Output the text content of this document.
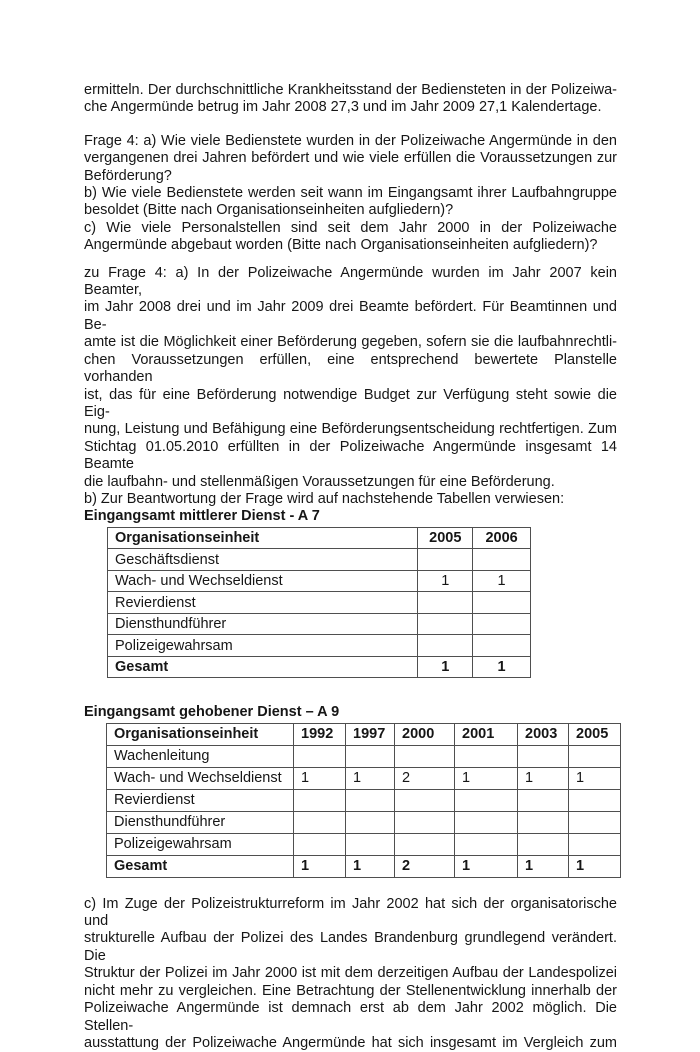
ermitteln. Der durchschnittliche Krankheitsstand der Bediensteten in der Polizeiwa-
che Angermünde betrug im Jahr 2008 27,3 und im Jahr 2009 27,1 Kalendertage.
Frage 4: a) Wie viele Bedienstete wurden in der Polizeiwache Angermünde in den
vergangenen drei Jahren befördert und wie viele erfüllen die Voraussetzungen zur
Beförderung?
b) Wie viele Bedienstete werden seit wann im Eingangsamt ihrer Laufbahngruppe
besoldet (Bitte nach Organisationseinheiten aufgliedern)?
c) Wie viele Personalstellen sind seit dem Jahr 2000 in der Polizeiwache
Angermünde abgebaut worden (Bitte nach Organisationseinheiten aufgliedern)?
zu Frage 4: a) In der Polizeiwache Angermünde wurden im Jahr 2007 kein Beamter,
im Jahr 2008 drei und im Jahr 2009 drei Beamte befördert. Für Beamtinnen und Be-
amte ist die Möglichkeit einer Beförderung gegeben, sofern sie die laufbahnrechtli-
chen Voraussetzungen erfüllen, eine entsprechend bewertete Planstelle vorhanden
ist, das für eine Beförderung notwendige Budget zur Verfügung steht sowie die Eig-
nung, Leistung und Befähigung eine Beförderungsentscheidung rechtfertigen. Zum
Stichtag 01.05.2010 erfüllten in der Polizeiwache Angermünde insgesamt 14 Beamte
die laufbahn- und stellenmäßigen Voraussetzungen für eine Beförderung.
b) Zur Beantwortung der Frage wird auf nachstehende Tabellen verwiesen:
Eingangsamt mittlerer Dienst - A 7
Organisationseinheit	2005	2006
Geschäftsdienst		
Wach- und Wechseldienst	1	1
Revierdienst		
Diensthundführer		
Polizeigewahrsam		
Gesamt	1	1
Eingangsamt gehobener Dienst – A 9
Organisationseinheit	1992	1997	2000	2001	2003	2005
Wachenleitung						
Wach- und Wechseldienst	1	1	2	1	1	1
Revierdienst						
Diensthundführer						
Polizeigewahrsam						
Gesamt	1	1	2	1	1	1
c) Im Zuge der Polizeistrukturreform im Jahr 2002 hat sich der organisatorische und
strukturelle Aufbau der Polizei des Landes Brandenburg grundlegend verändert. Die
Struktur der Polizei im Jahr 2000 ist mit dem derzeitigen Aufbau der Landespolizei
nicht mehr zu vergleichen. Eine Betrachtung der Stellenentwicklung innerhalb der
Polizeiwache Angermünde ist demnach erst ab dem Jahr 2002 möglich. Die Stellen-
ausstattung der Polizeiwache Angermünde hat sich insgesamt im Vergleich zum
